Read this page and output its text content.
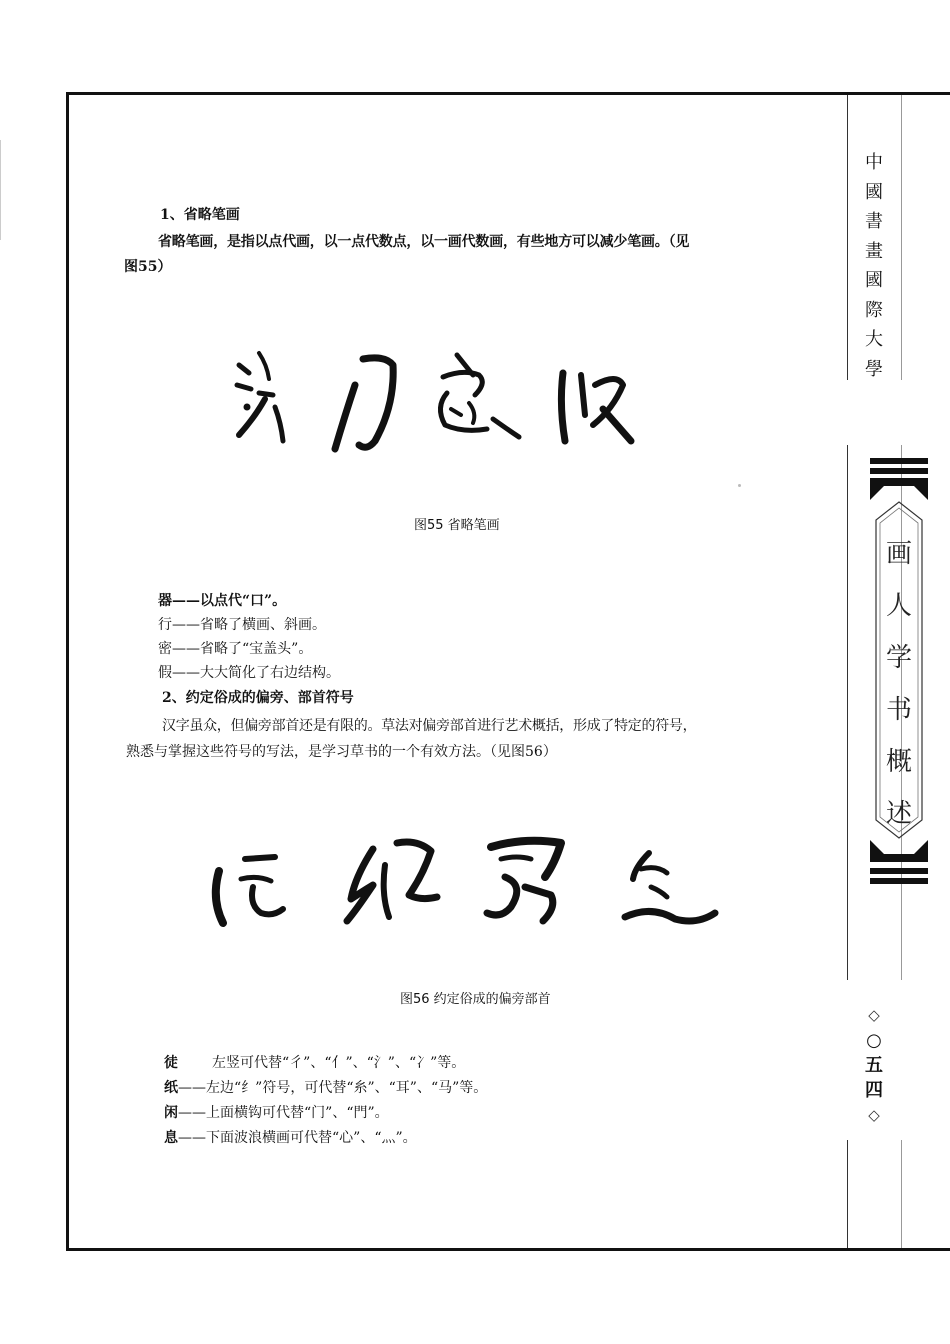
中
國
書
畫
國
際
大
學
画
人
学
书
概
述
◇
○
五
四
◇
1、省略笔画
省略笔画，是指以点代画，以一点代数点，以一画代数画，有些地方可以减少笔画。（见
图55）
图55 省略笔画
器——以点代“口”。
行——省略了横画、斜画。
密——省略了“宝盖头”。
假——大大简化了右边结构。
2、约定俗成的偏旁、部首符号
汉字虽众，但偏旁部首还是有限的。草法对偏旁部首进行艺术概括，形成了特定的符号，
熟悉与掌握这些符号的写法，是学习草书的一个有效方法。（见图56）
图56 约定俗成的偏旁部首
徒 左竖可代替“彳”、“亻”、“氵”、“冫”等。
纸——左边“纟”符号，可代替“糸”、“耳”、“马”等。
闲——上面横钩可代替“门”、“門”。
息——下面波浪横画可代替“心”、“灬”。
